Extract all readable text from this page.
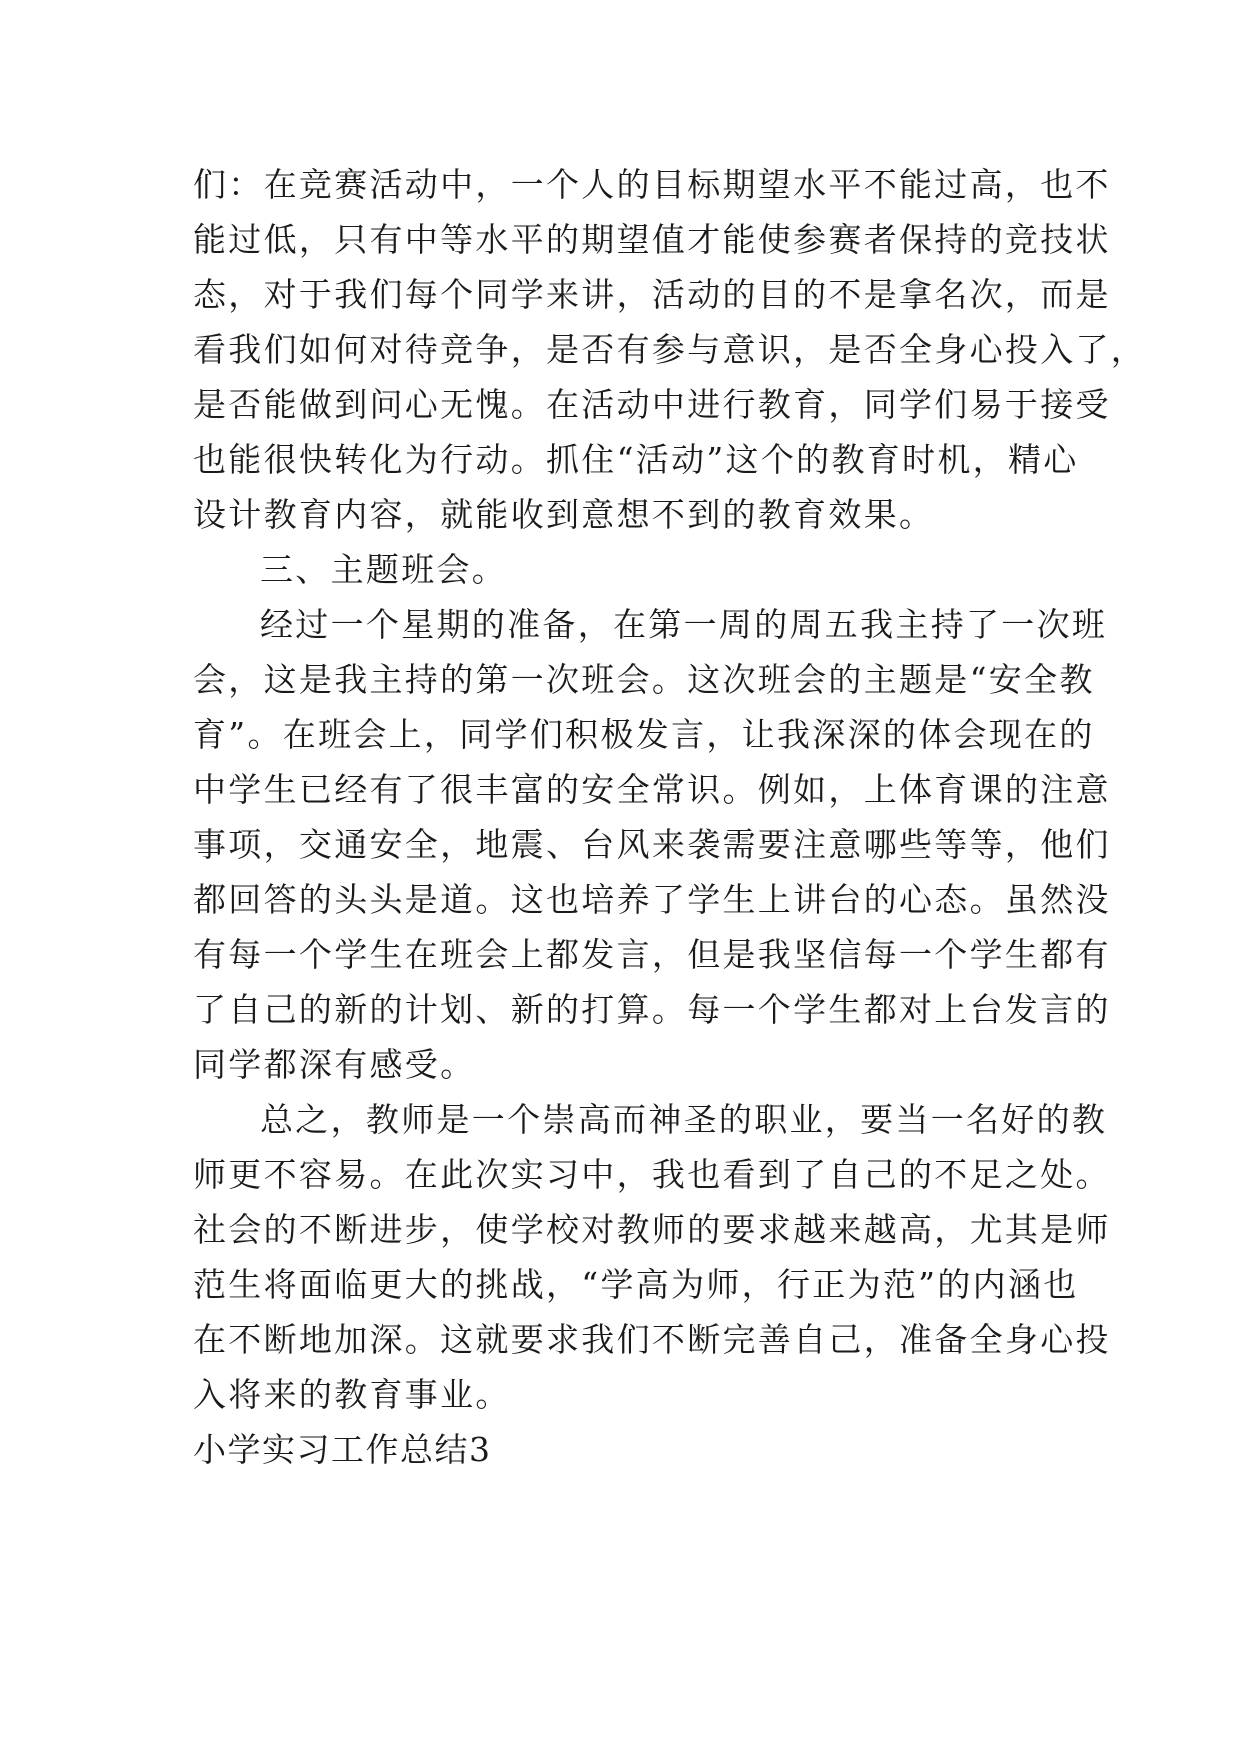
们：在竞赛活动中，一个人的目标期望水平不能过高，也不
能过低，只有中等水平的期望值才能使参赛者保持的竞技状
态，对于我们每个同学来讲，活动的目的不是拿名次，而是
看我们如何对待竞争，是否有参与意识，是否全身心投入了，
是否能做到问心无愧。在活动中进行教育，同学们易于接受
也能很快转化为行动。抓住“活动”这个的教育时机，精心
设计教育内容，就能收到意想不到的教育效果。
三、主题班会。
经过一个星期的准备，在第一周的周五我主持了一次班
会，这是我主持的第一次班会。这次班会的主题是“安全教
育”。在班会上，同学们积极发言，让我深深的体会现在的
中学生已经有了很丰富的安全常识。例如，上体育课的注意
事项，交通安全，地震、台风来袭需要注意哪些等等，他们
都回答的头头是道。这也培养了学生上讲台的心态。虽然没
有每一个学生在班会上都发言，但是我坚信每一个学生都有
了自己的新的计划、新的打算。每一个学生都对上台发言的
同学都深有感受。
总之，教师是一个崇高而神圣的职业，要当一名好的教
师更不容易。在此次实习中，我也看到了自己的不足之处。
社会的不断进步，使学校对教师的要求越来越高，尤其是师
范生将面临更大的挑战，“学高为师，行正为范”的内涵也
在不断地加深。这就要求我们不断完善自己，准备全身心投
入将来的教育事业。
小学实习工作总结3
